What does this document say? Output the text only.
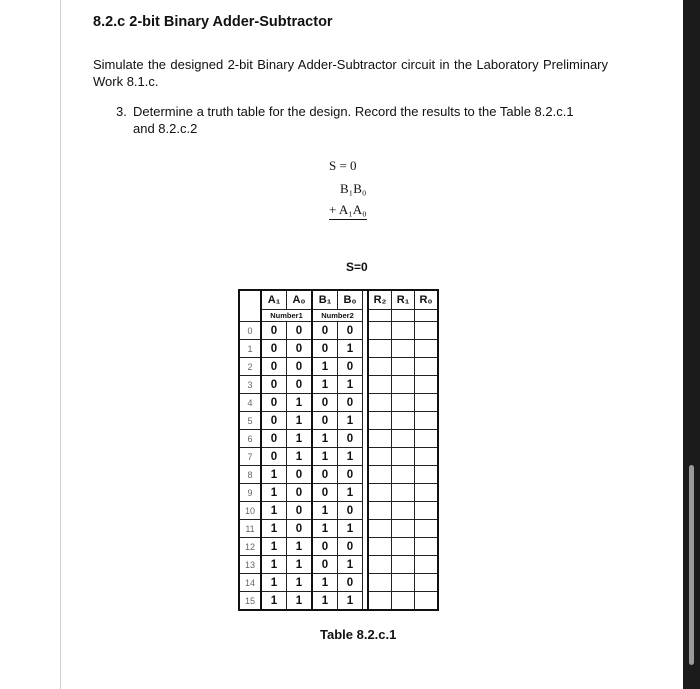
8.2.c 2-bit Binary Adder-Subtractor
Simulate the designed 2-bit Binary Adder-Subtractor circuit in the Laboratory Preliminary Work 8.1.c.
3. Determine a truth table for the design. Record the results to the Table 8.2.c.1
and 8.2.c.2
S = 0
B₁B₀
+ A₁A₀
S=0
	A₁	A₀	B₁	B₀		R₂	R₁	R₀
	Number1		Number2					
0	0	0	0	0				
1	0	0	0	1				
2	0	0	1	0				
3	0	0	1	1				
4	0	1	0	0				
5	0	1	0	1				
6	0	1	1	0				
7	0	1	1	1				
8	1	0	0	0				
9	1	0	0	1				
10	1	0	1	0				
11	1	0	1	1				
12	1	1	0	0				
13	1	1	0	1				
14	1	1	1	0				
15	1	1	1	1				
Table 8.2.c.1
